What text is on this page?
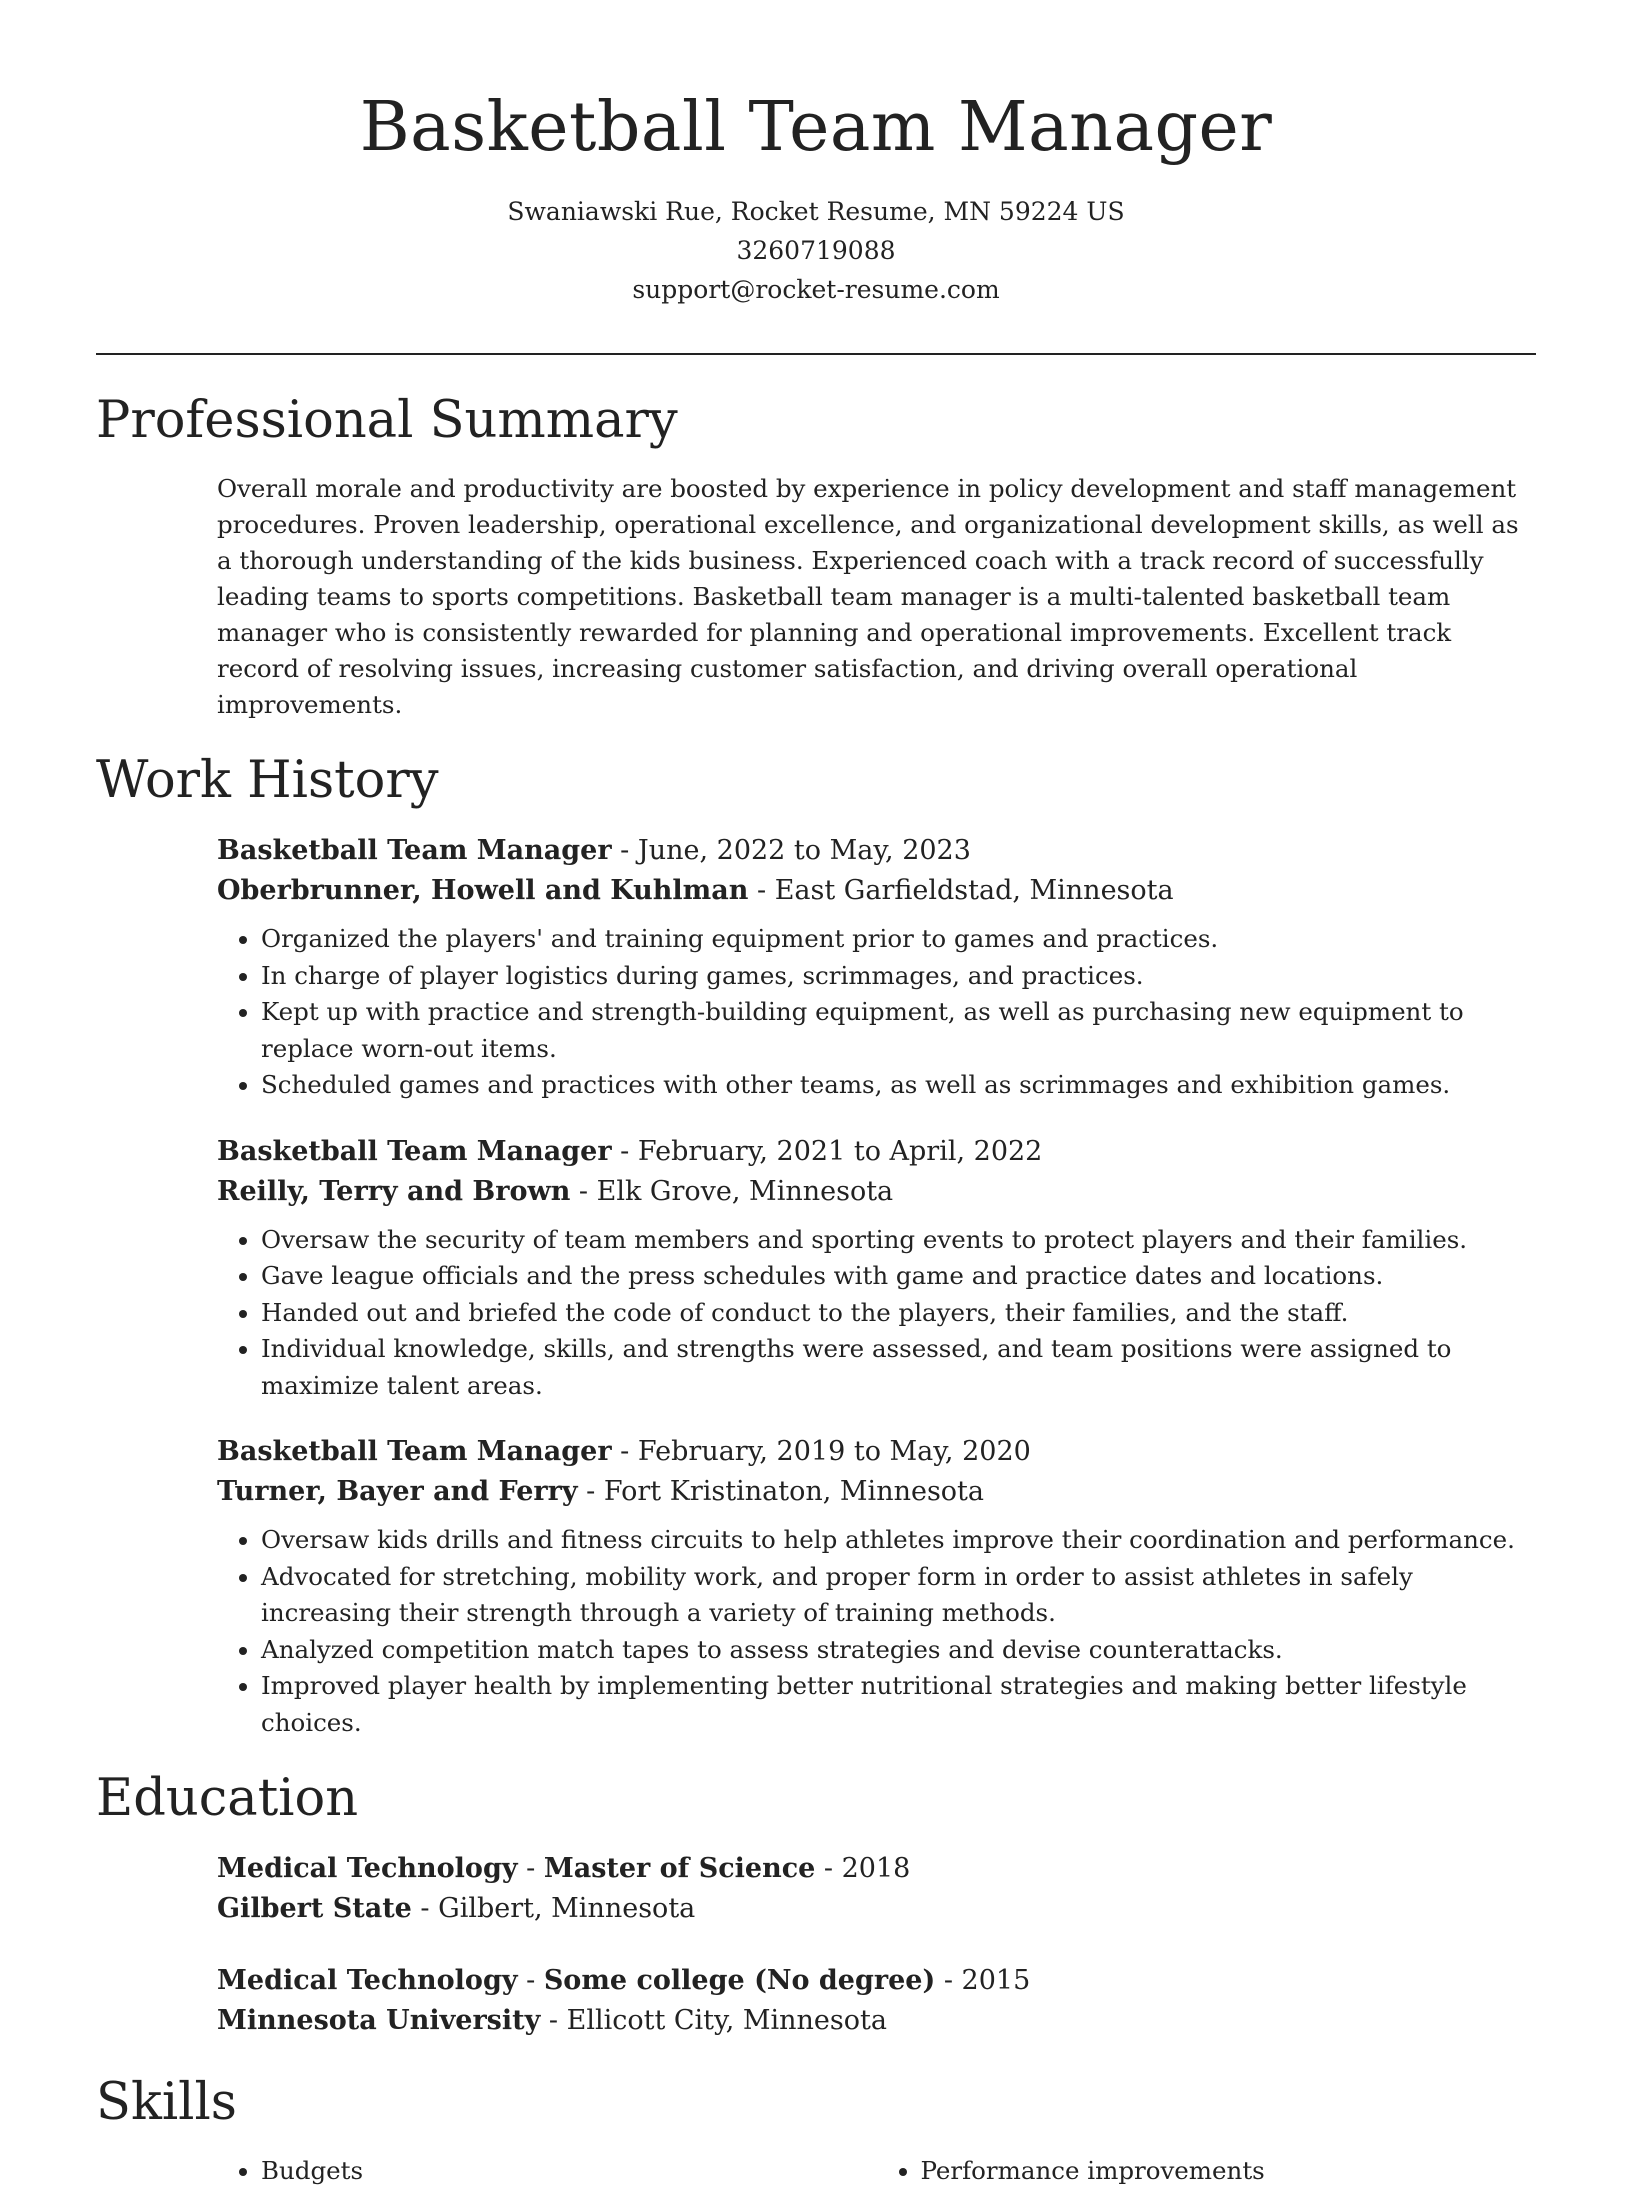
Basketball Team Manager

Swaniawski Rue, Rocket Resume, MN 59224 US

3260719088

support@rocket-resume.com

Professional Summary

Overall morale and productivity are boosted by experience in policy development and staff management procedures. Proven leadership, operational excellence, and organizational development skills, as well as a thorough understanding of the kids business. Experienced coach with a track record of successfully leading teams to sports competitions. Basketball team manager is a multi-talented basketball team manager who is consistently rewarded for planning and operational improvements. Excellent track record of resolving issues, increasing customer satisfaction, and driving overall operational improvements.

Work History

Basketball Team Manager - June, 2022 to May, 2023

Oberbrunner, Howell and Kuhlman - East Garfieldstad, Minnesota

• Organized the players' and training equipment prior to games and practices.
• In charge of player logistics during games, scrimmages, and practices.
• Kept up with practice and strength-building equipment, as well as purchasing new equipment to replace worn-out items.
• Scheduled games and practices with other teams, as well as scrimmages and exhibition games.

Basketball Team Manager - February, 2021 to April, 2022

Reilly, Terry and Brown - Elk Grove, Minnesota

• Oversaw the security of team members and sporting events to protect players and their families.
• Gave league officials and the press schedules with game and practice dates and locations.
• Handed out and briefed the code of conduct to the players, their families, and the staff.
• Individual knowledge, skills, and strengths were assessed, and team positions were assigned to maximize talent areas.

Basketball Team Manager - February, 2019 to May, 2020

Turner, Bayer and Ferry - Fort Kristinaton, Minnesota

• Oversaw kids drills and fitness circuits to help athletes improve their coordination and performance.
• Advocated for stretching, mobility work, and proper form in order to assist athletes in safely increasing their strength through a variety of training methods.
• Analyzed competition match tapes to assess strategies and devise counterattacks.
• Improved player health by implementing better nutritional strategies and making better lifestyle choices.
Education

Medical Technology - Master of Science - 2018

Gilbert State - Gilbert, Minnesota

Medical Technology - Some college (No degree) - 2015

Minnesota University - Ellicott City, Minnesota

Skills
• Budgets
•	Performance improvements
